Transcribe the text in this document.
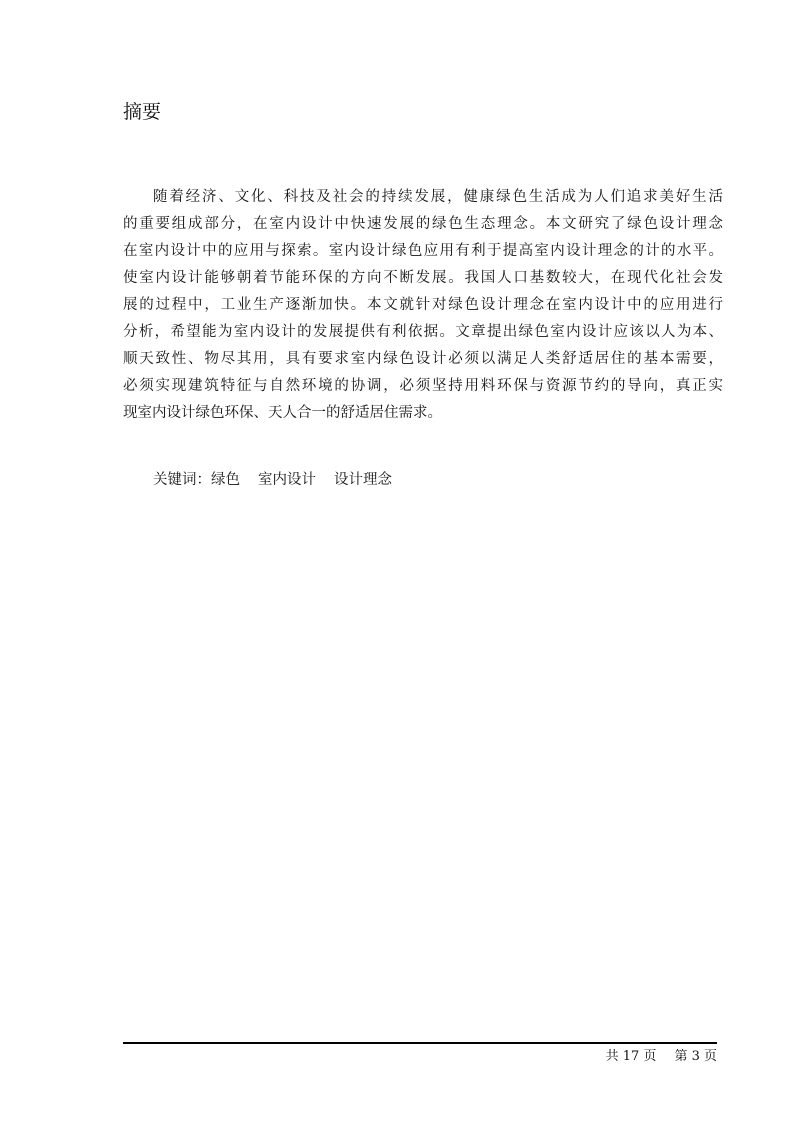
摘要
随着经济、文化、科技及社会的持续发展，健康绿色生活成为人们追求美好生活
的重要组成部分，在室内设计中快速发展的绿色生态理念。本文研究了绿色设计理念
在室内设计中的应用与探索。室内设计绿色应用有利于提高室内设计理念的计的水平。
使室内设计能够朝着节能环保的方向不断发展。我国人口基数较大，在现代化社会发
展的过程中，工业生产逐渐加快。本文就针对绿色设计理念在室内设计中的应用进行
分析，希望能为室内设计的发展提供有利依据。文章提出绿色室内设计应该以人为本、
顺天致性、物尽其用，具有要求室内绿色设计必须以满足人类舒适居住的基本需要，
必须实现建筑特征与自然环境的协调，必须坚持用料环保与资源节约的导向，真正实
现室内设计绿色环保、天人合一的舒适居住需求。
关键词：绿色 室内设计 设计理念
共 17 页 第 3 页
